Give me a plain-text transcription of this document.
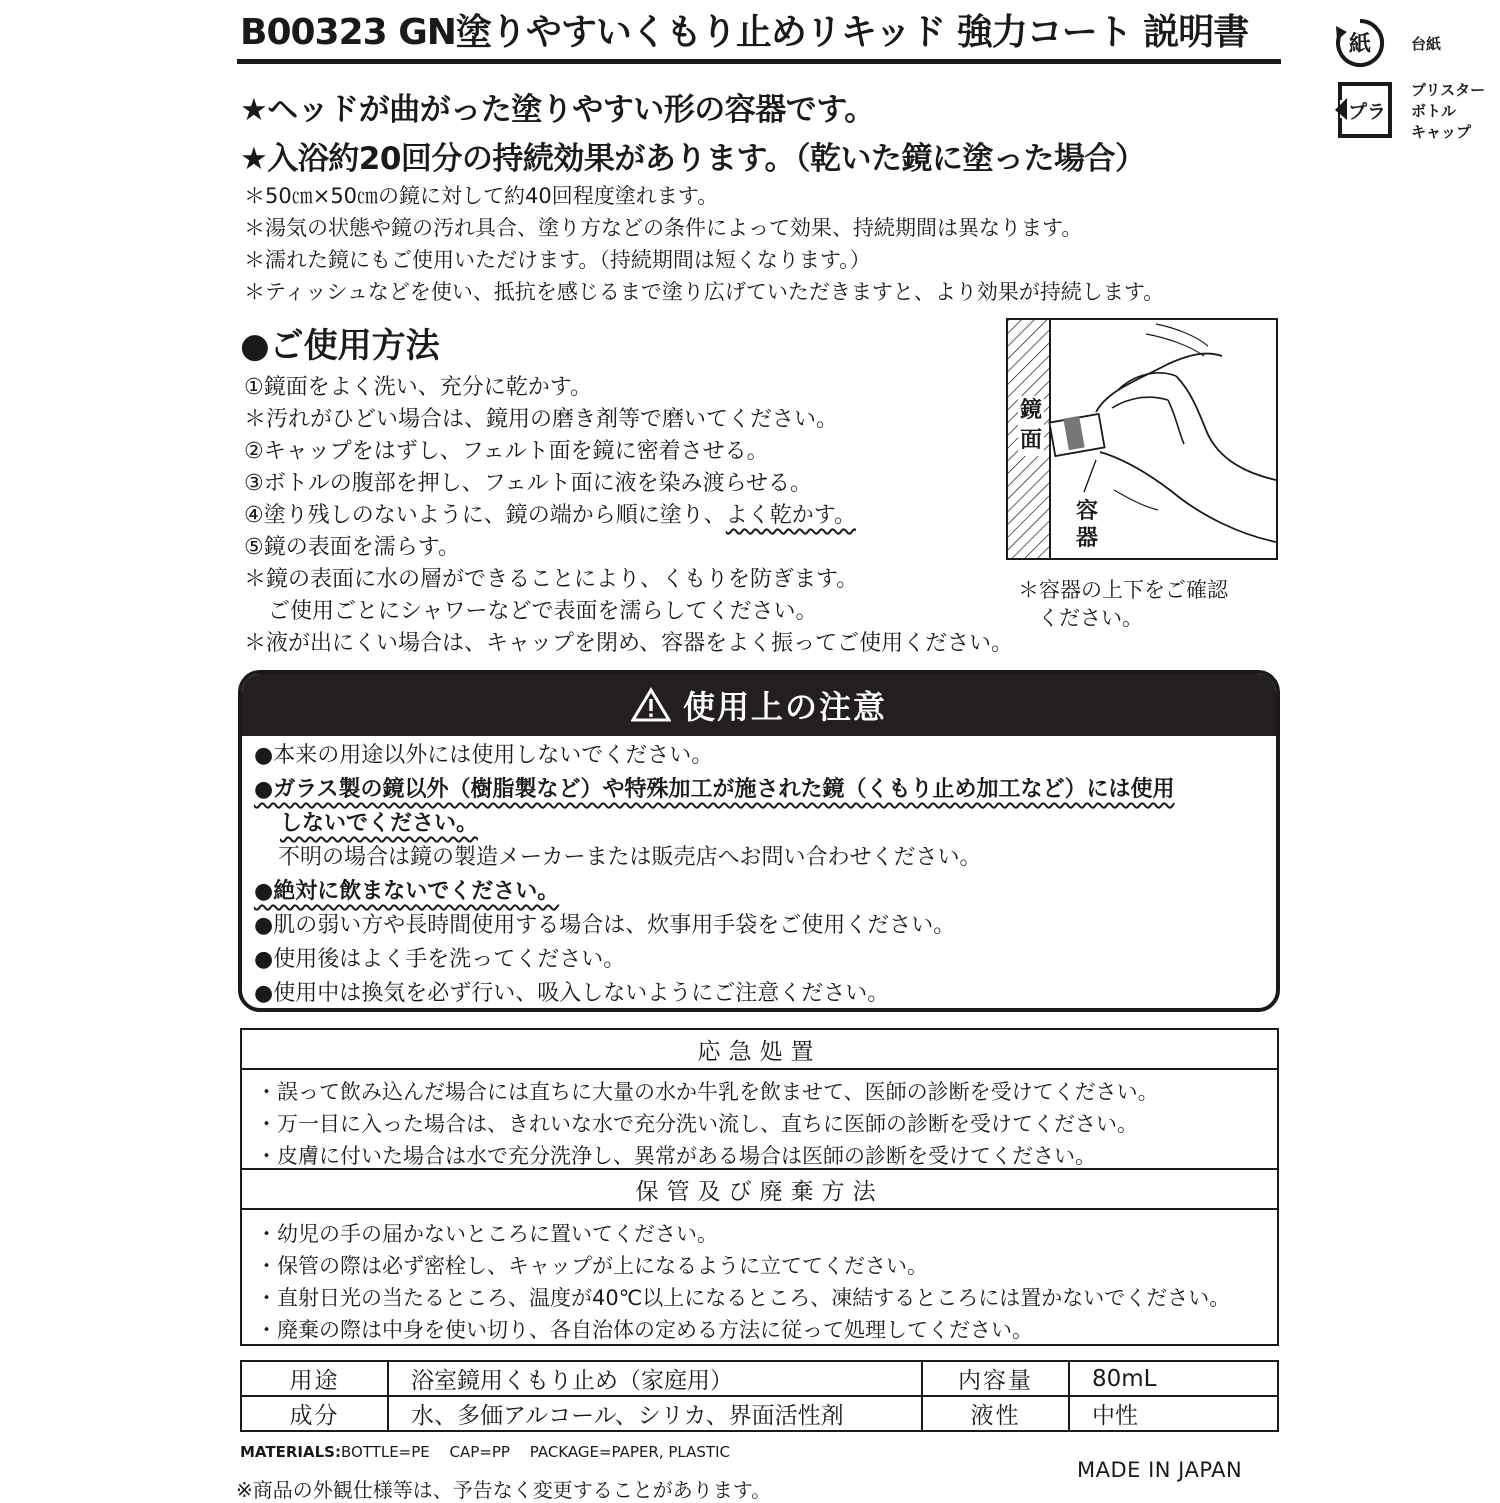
B00323 GN塗りやすいくもり止めリキッド 強力コート 説明書	紙	台紙
プラ
ブリスター
ボトル
キャップ
★ヘッドが曲がった塗りやすい形の容器です。
★入浴約20回分の持続効果があります。（乾いた鏡に塗った場合）
＊50㎝×50㎝の鏡に対して約40回程度塗れます。
＊湯気の状態や鏡の汚れ具合、塗り方などの条件によって効果、持続期間は異なります。
＊濡れた鏡にもご使用いただけます。（持続期間は短くなります。）
＊ティッシュなどを使い、抵抗を感じるまで塗り広げていただきますと、より効果が持続します。
●ご使用方法
①鏡面をよく洗い、充分に乾かす。
＊汚れがひどい場合は、鏡用の磨き剤等で磨いてください。
②キャップをはずし、フェルト面を鏡に密着させる。
③ボトルの腹部を押し、フェルト面に液を染み渡らせる。
④塗り残しのないように、鏡の端から順に塗り、よく乾かす。
⑤鏡の表面を濡らす。
＊鏡の表面に水の層ができることにより、くもりを防ぎます。
ご使用ごとにシャワーなどで表面を濡らしてください。
＊液が出にくい場合は、キャップを閉め、容器をよく振ってご使用ください。
鏡面
容器
＊容器の上下をご確認
ください。
使用上の注意
●本来の用途以外には使用しないでください。
●ガラス製の鏡以外（樹脂製など）や特殊加工が施された鏡（くもり止め加工など）には使用
しないでください。
不明の場合は鏡の製造メーカーまたは販売店へお問い合わせください。
●絶対に飲まないでください。
●肌の弱い方や長時間使用する場合は、炊事用手袋をご使用ください。
●使用後はよく手を洗ってください。
●使用中は換気を必ず行い、吸入しないようにご注意ください。
応急処置
・誤って飲み込んだ場合には直ちに大量の水か牛乳を飲ませて、医師の診断を受けてください。
・万一目に入った場合は、きれいな水で充分洗い流し、直ちに医師の診断を受けてください。
・皮膚に付いた場合は水で充分洗浄し、異常がある場合は医師の診断を受けてください。
保管及び廃棄方法
・幼児の手の届かないところに置いてください。
・保管の際は必ず密栓し、キャップが上になるように立ててください。
・直射日光の当たるところ、温度が40℃以上になるところ、凍結するところには置かないでください。
・廃棄の際は中身を使い切り、各自治体の定める方法に従って処理してください。
用途	浴室鏡用くもり止め（家庭用）	内容量	80mL
成分	水、多価アルコール、シリカ、界面活性剤	液性	中性
MATERIALS:BOTTLE=PE　 CAP=PP　 PACKAGE=PAPER, PLASTIC
※商品の外観仕様等は、予告なく変更することがあります。
MADE IN JAPAN
